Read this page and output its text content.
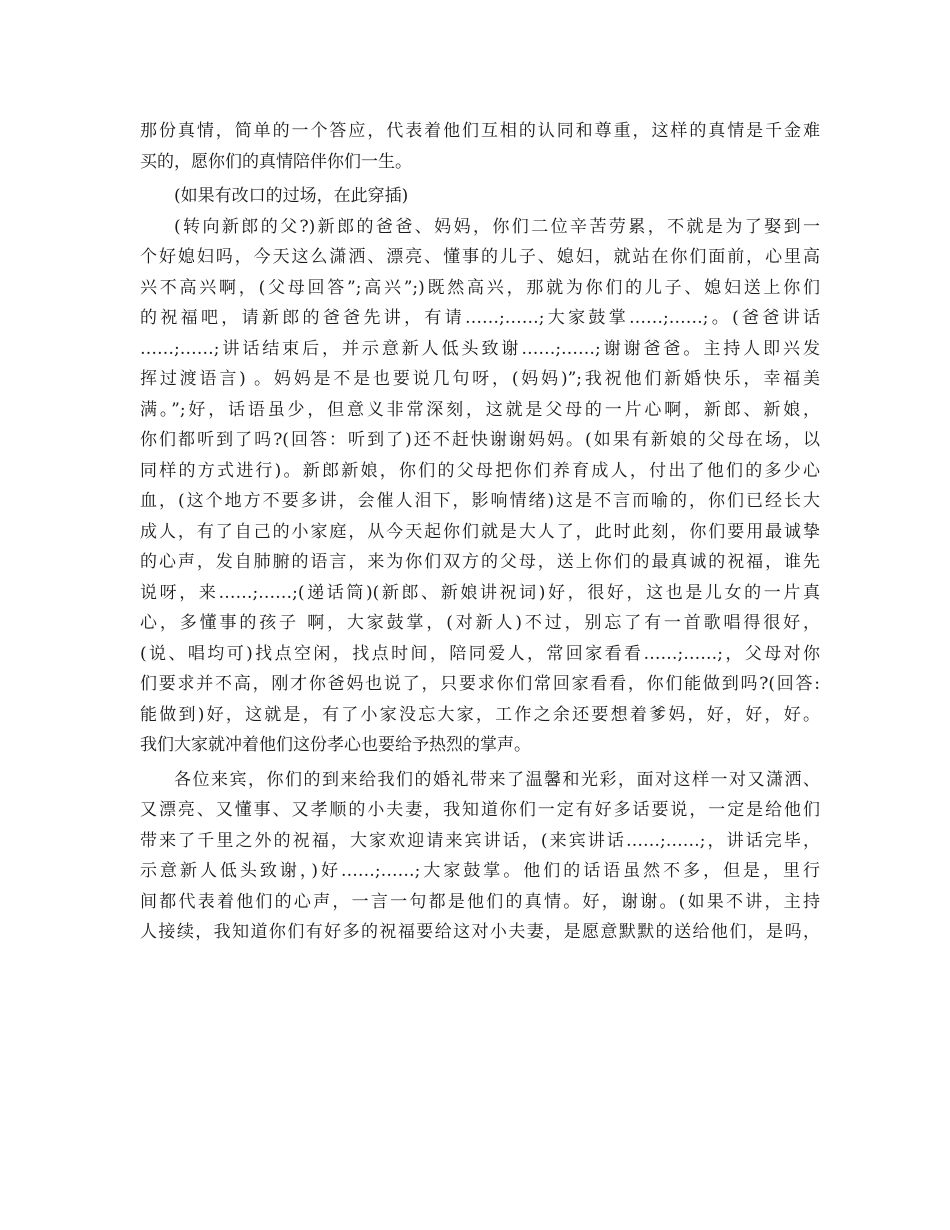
那份真情，简单的一个答应，代表着他们互相的认同和尊重，这样的真情是千金难
买的，愿你们的真情陪伴你们一生。
(如果有改口的过场，在此穿插)
(转向新郎的父?)新郎的爸爸、妈妈，你们二位辛苦劳累，不就是为了娶到一
个好媳妇吗，今天这么潇洒、漂亮、懂事的儿子、媳妇，就站在你们面前，心里高
兴不高兴啊，(父母回答”;高兴”;)既然高兴，那就为你们的儿子、媳妇送上你们
的祝福吧，请新郎的爸爸先讲，有请……;……;大家鼓掌……;……;。(爸爸讲话
……;……;讲话结束后，并示意新人低头致谢……;……;谢谢爸爸。主持人即兴发
挥过渡语言) 。妈妈是不是也要说几句呀，(妈妈)”;我祝他们新婚快乐，幸福美
满。”;好，话语虽少，但意义非常深刻，这就是父母的一片心啊，新郎、新娘，
你们都听到了吗?(回答：听到了)还不赶快谢谢妈妈。(如果有新娘的父母在场，以
同样的方式进行)。新郎新娘，你们的父母把你们养育成人，付出了他们的多少心
血，(这个地方不要多讲，会催人泪下，影响情绪)这是不言而喻的，你们已经长大
成人，有了自己的小家庭，从今天起你们就是大人了，此时此刻，你们要用最诚挚
的心声，发自肺腑的语言，来为你们双方的父母，送上你们的最真诚的祝福，谁先
说呀，来……;……;(递话筒)(新郎、新娘讲祝词)好，很好，这也是儿女的一片真
心，多懂事的孩子 啊，大家鼓掌，(对新人)不过，别忘了有一首歌唱得很好，
(说、唱均可)找点空闲，找点时间，陪同爱人，常回家看看……;……;，父母对你
们要求并不高，刚才你爸妈也说了，只要求你们常回家看看，你们能做到吗?(回答:
能做到)好，这就是，有了小家没忘大家，工作之余还要想着爹妈，好，好，好。
我们大家就冲着他们这份孝心也要给予热烈的掌声。
各位来宾，你们的到来给我们的婚礼带来了温馨和光彩，面对这样一对又潇洒、
又漂亮、又懂事、又孝顺的小夫妻，我知道你们一定有好多话要说，一定是给他们
带来了千里之外的祝福，大家欢迎请来宾讲话，(来宾讲话……;……;，讲话完毕，
示意新人低头致谢，)好……;……;大家鼓掌。他们的话语虽然不多，但是，里行
间都代表着他们的心声，一言一句都是他们的真情。好，谢谢。(如果不讲，主持
人接续，我知道你们有好多的祝福要给这对小夫妻，是愿意默默的送给他们，是吗，
